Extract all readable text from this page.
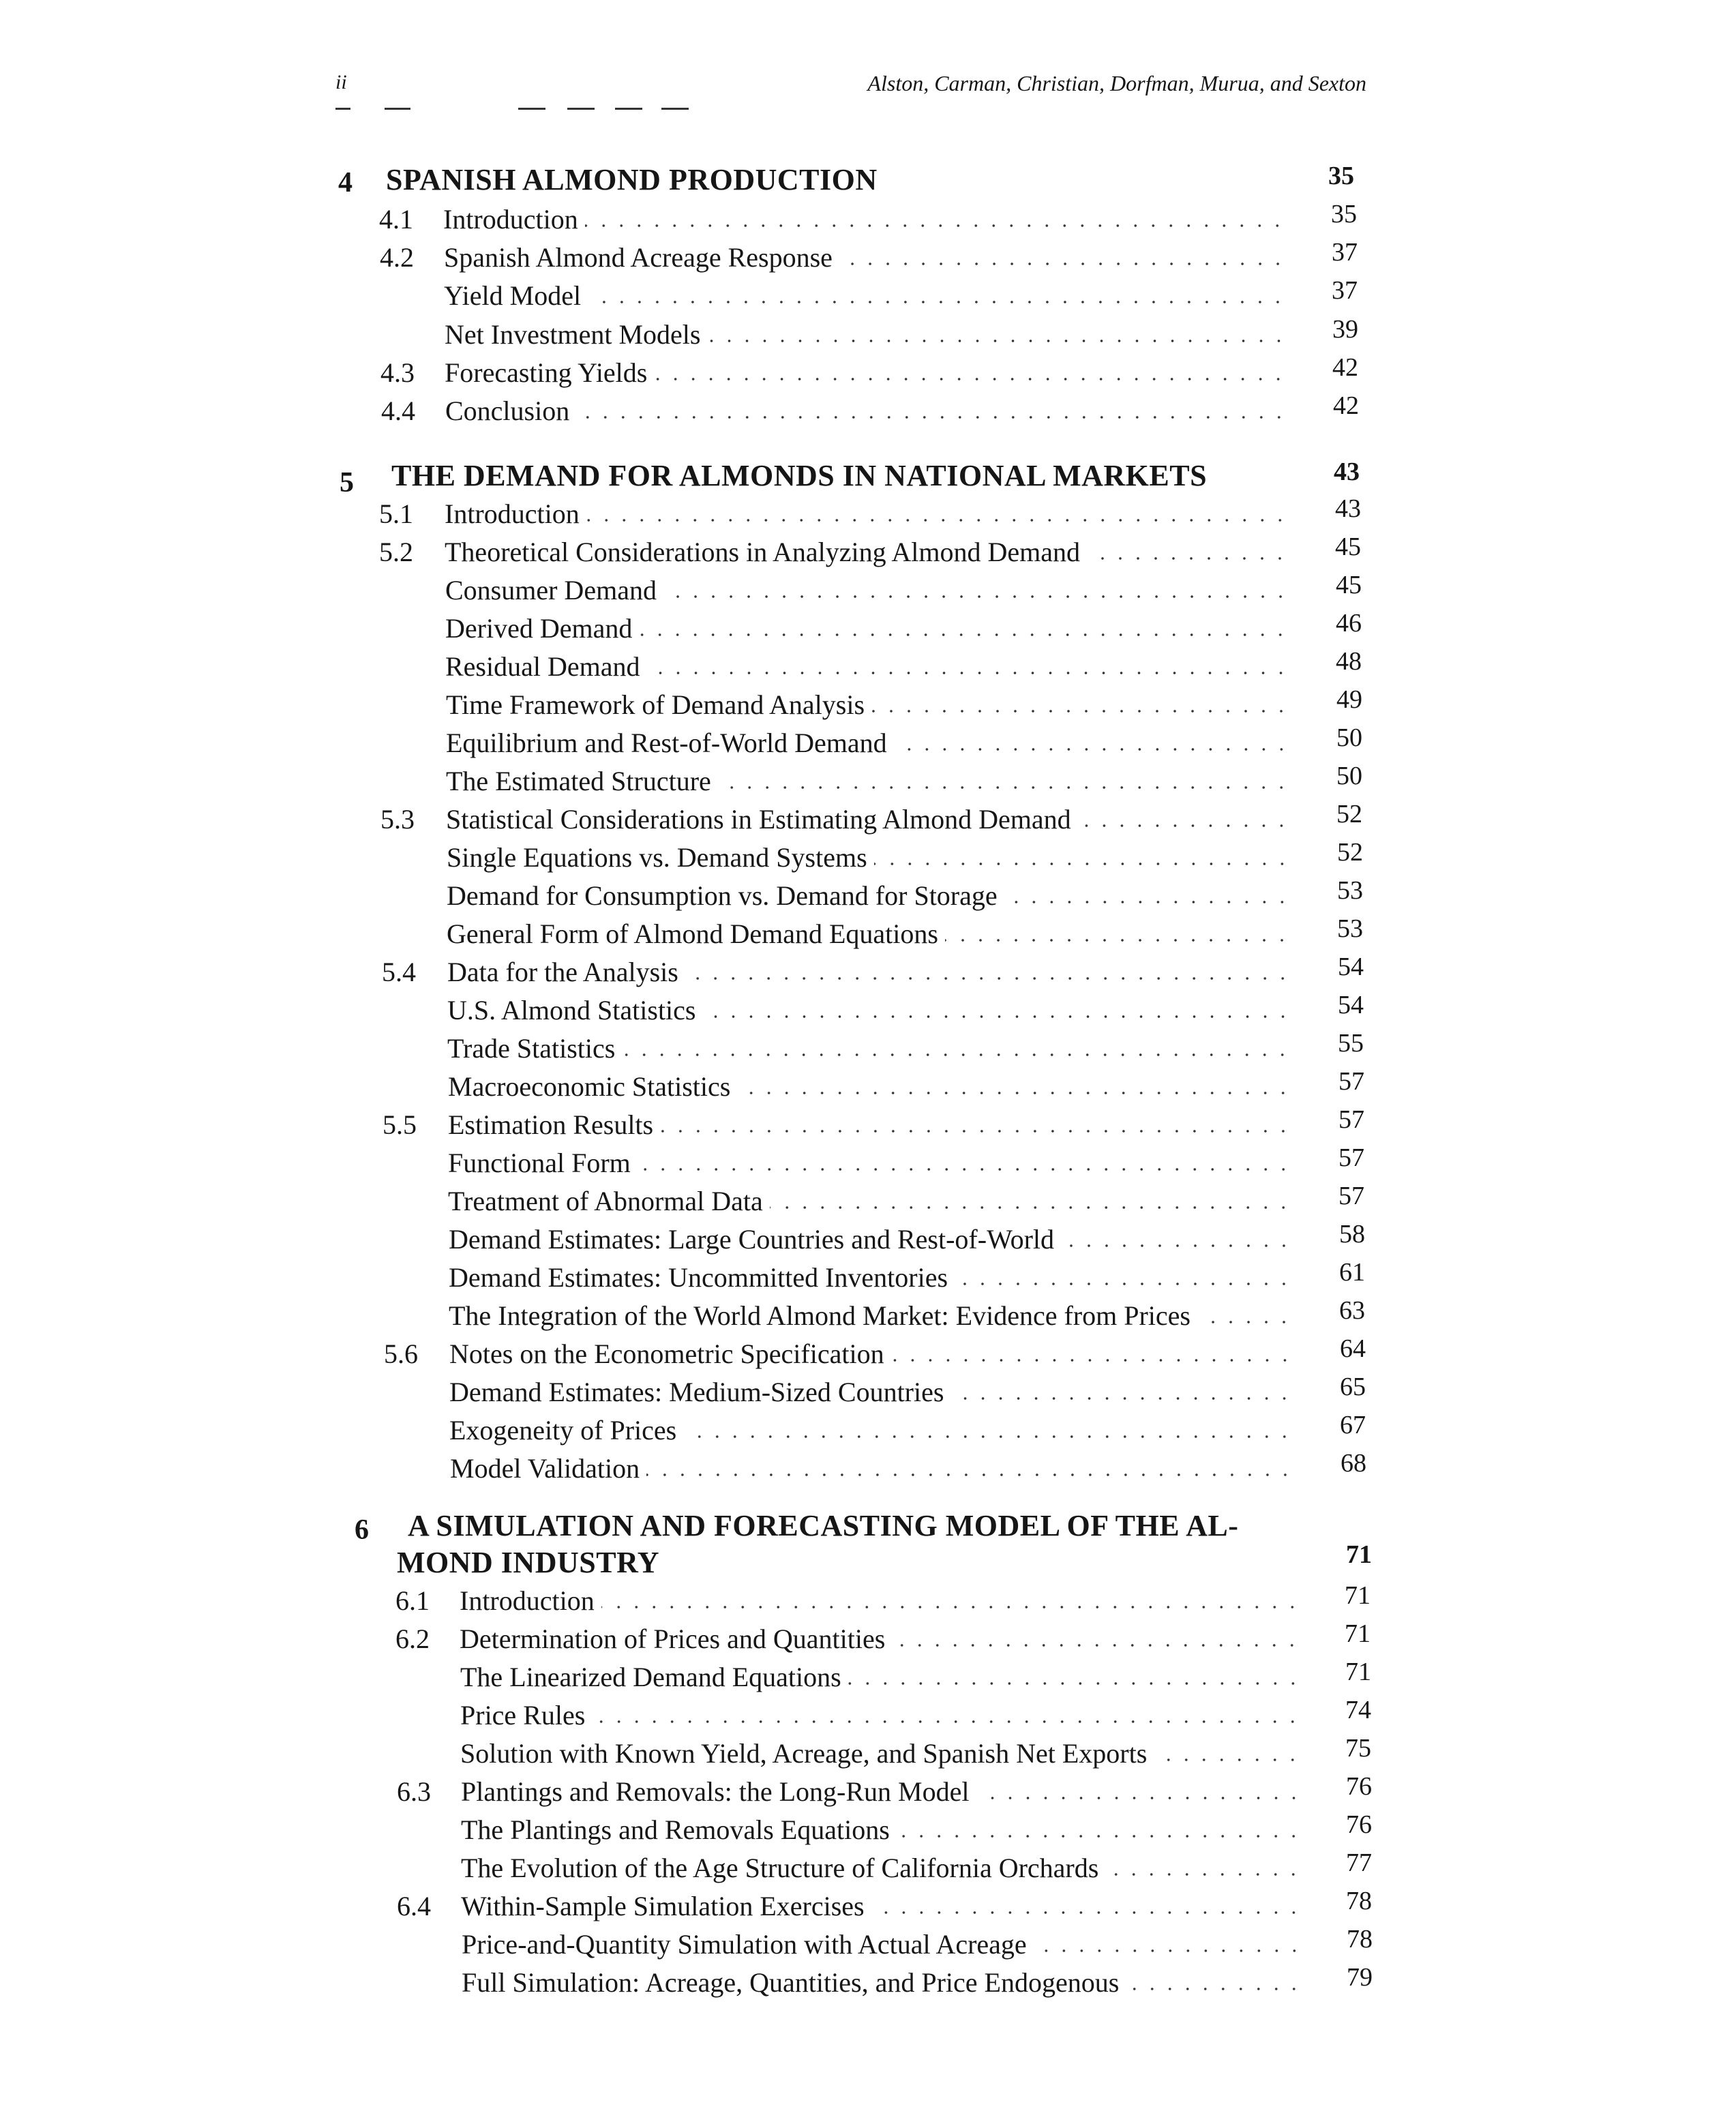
ii	Alston, Carman, Christian, Dorfman, Murua, and Sexton
4 SPANISH ALMOND PRODUCTION	35
4.1 Introduction	35
4.2 Spanish Almond Acreage Response	37
Yield Model	37
Net Investment Models	39
4.3 Forecasting Yields	42
4.4 Conclusion	42
5 THE DEMAND FOR ALMONDS IN NATIONAL MARKETS	43
5.1 Introduction	43
5.2 Theoretical Considerations in Analyzing Almond Demand	45
Consumer Demand	45
Derived Demand	46
Residual Demand	48
Time Framework of Demand Analysis	49
Equilibrium and Rest-of-World Demand	50
The Estimated Structure	50
5.3 Statistical Considerations in Estimating Almond Demand	52
Single Equations vs. Demand Systems	52
Demand for Consumption vs. Demand for Storage	53
General Form of Almond Demand Equations	53
5.4 Data for the Analysis	54
U.S. Almond Statistics	54
Trade Statistics	55
Macroeconomic Statistics	57
5.5 Estimation Results	57
Functional Form	57
Treatment of Abnormal Data	57
Demand Estimates: Large Countries and Rest-of-World	58
Demand Estimates: Uncommitted Inventories	61
The Integration of the World Almond Market: Evidence from Prices	63
5.6 Notes on the Econometric Specification	64
Demand Estimates: Medium-Sized Countries	65
Exogeneity of Prices	67
Model Validation	68
6 A SIMULATION AND FORECASTING MODEL OF THE AL-
MOND INDUSTRY	71
6.1 Introduction	71
6.2 Determination of Prices and Quantities	71
The Linearized Demand Equations	71
Price Rules	74
Solution with Known Yield, Acreage, and Spanish Net Exports	75
6.3 Plantings and Removals: the Long-Run Model	76
The Plantings and Removals Equations	76
The Evolution of the Age Structure of California Orchards	77
6.4 Within-Sample Simulation Exercises	78
Price-and-Quantity Simulation with Actual Acreage	78
Full Simulation: Acreage, Quantities, and Price Endogenous	79
